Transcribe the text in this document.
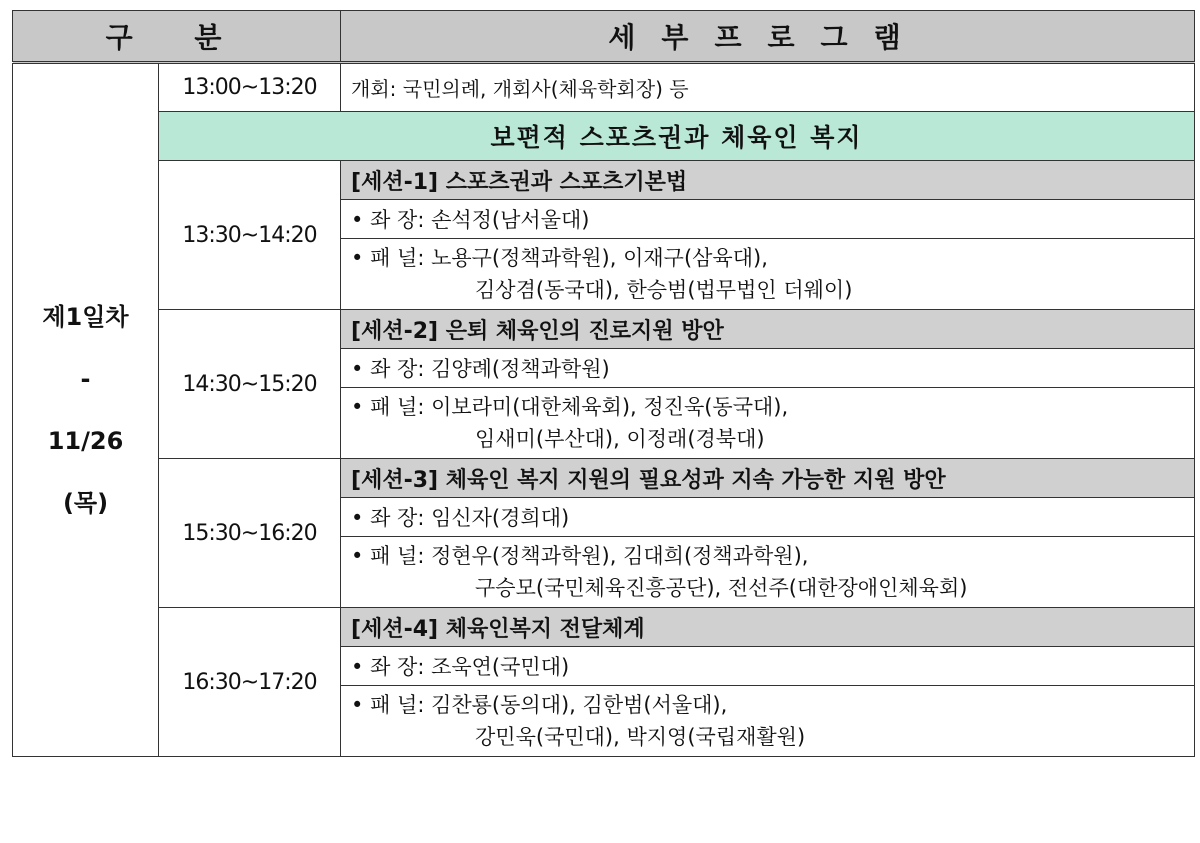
구 분		세부프로그램

제1일차
-
11/26
(목)	13:00~13:20	개회: 국민의례, 개회사(체육학회장) 등
	보편적 스포츠권과 체육인 복지	
	13:30~14:20	[세션-1] 스포츠권과 스포츠기본법
		• 좌 장: 손석정(남서울대)
		• 패 널: 노용구(정책과학원), 이재구(삼육대),
김상겸(동국대), 한승범(법무법인 더웨이)

	14:30~15:20	[세션-2] 은퇴 체육인의 진로지원 방안
		• 좌 장: 김양례(정책과학원)
		• 패 널: 이보라미(대한체육회), 정진욱(동국대),
임새미(부산대), 이정래(경북대)

	15:30~16:20	[세션-3] 체육인 복지 지원의 필요성과 지속 가능한 지원 방안
		• 좌 장: 임신자(경희대)
		• 패 널: 정현우(정책과학원), 김대희(정책과학원),
구승모(국민체육진흥공단), 전선주(대한장애인체육회)

	16:30~17:20	[세션-4] 체육인복지 전달체계
		• 좌 장: 조욱연(국민대)
		• 패 널: 김찬룡(동의대), 김한범(서울대),
강민욱(국민대), 박지영(국립재활원)
